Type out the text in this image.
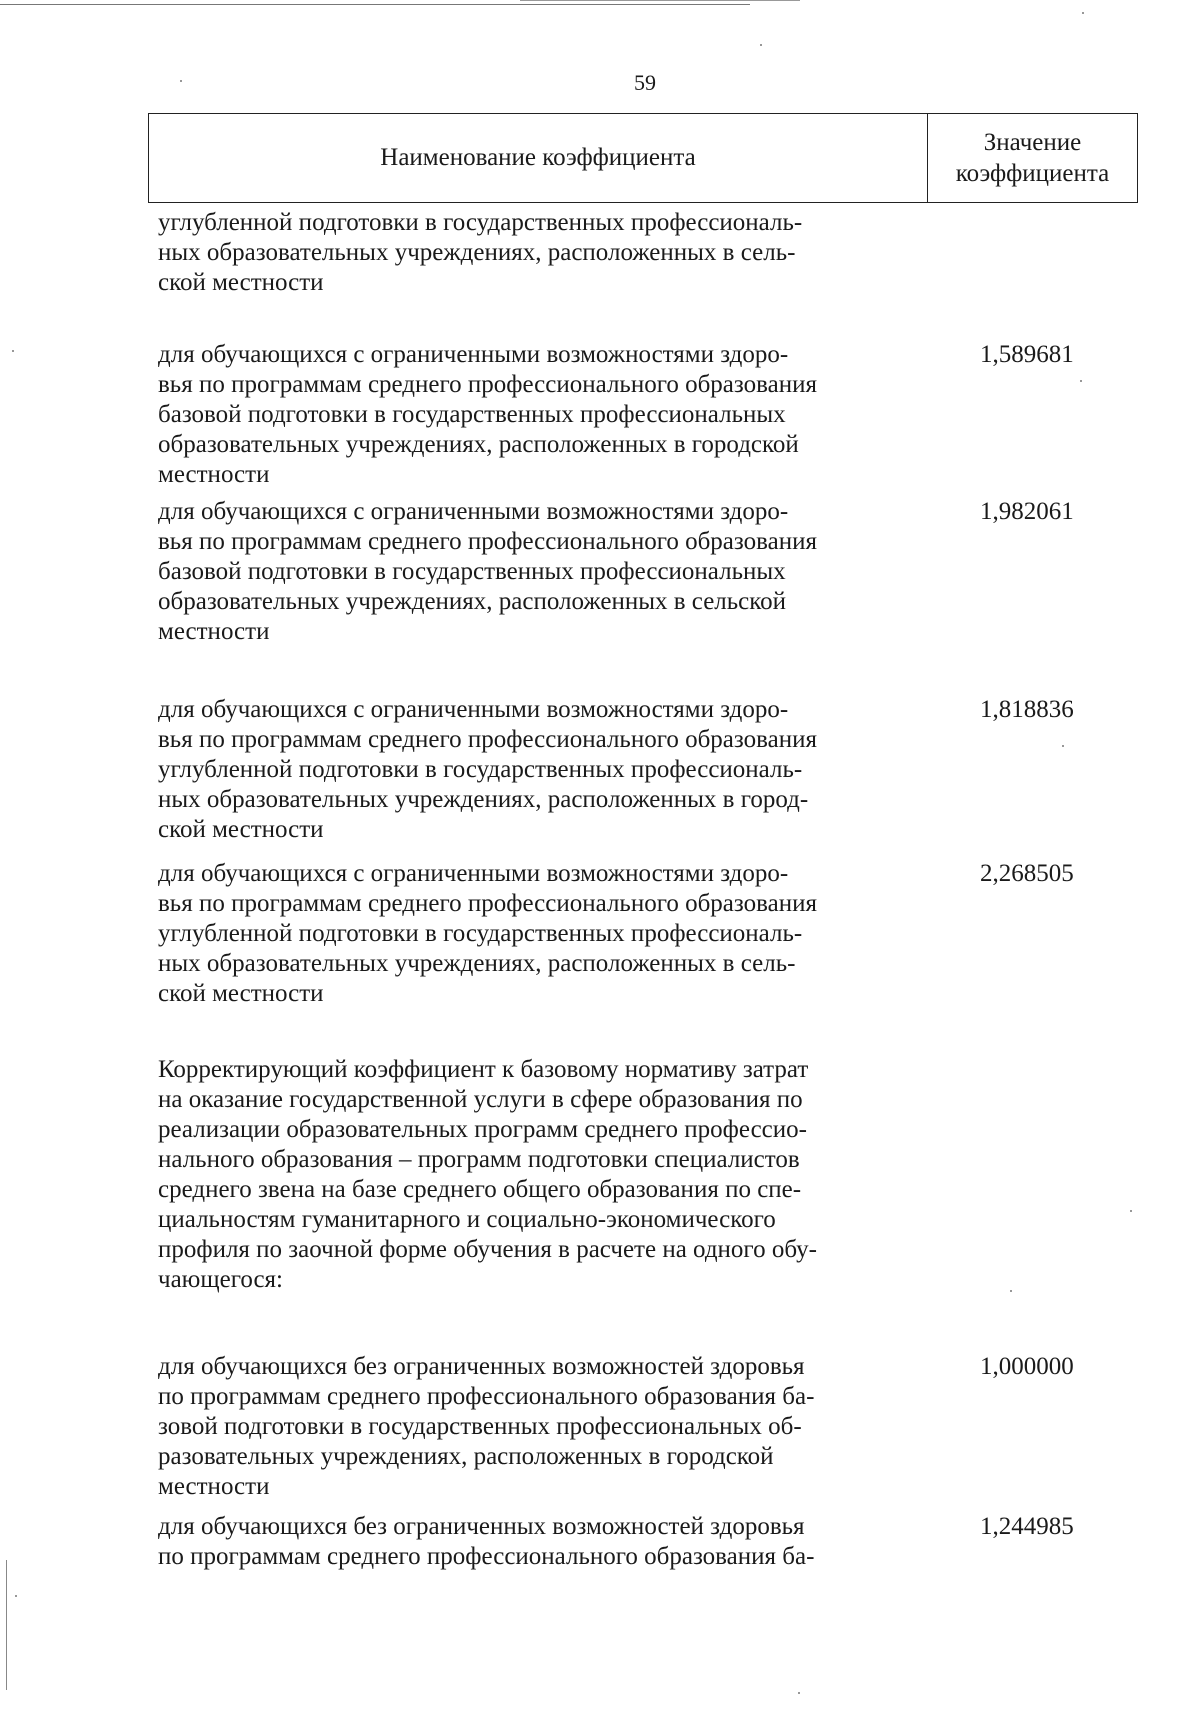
59
Наименование коэффициента
Значение
коэффициента
углубленной подготовки в государственных профессиональ-
ных образовательных учреждениях, расположенных в сель-
ской местности
для обучающихся с ограниченными возможностями здоро-
вья по программам среднего профессионального образования
базовой подготовки в государственных профессиональных
образовательных учреждениях, расположенных в городской
местности
1,589681
для обучающихся с ограниченными возможностями здоро-
вья по программам среднего профессионального образования
базовой подготовки в государственных профессиональных
образовательных учреждениях, расположенных в сельской
местности
1,982061
для обучающихся с ограниченными возможностями здоро-
вья по программам среднего профессионального образования
углубленной подготовки в государственных профессиональ-
ных образовательных учреждениях, расположенных в город-
ской местности
1,818836
для обучающихся с ограниченными возможностями здоро-
вья по программам среднего профессионального образования
углубленной подготовки в государственных профессиональ-
ных образовательных учреждениях, расположенных в сель-
ской местности
2,268505
Корректирующий коэффициент к базовому нормативу затрат
на оказание государственной услуги в сфере образования по
реализации образовательных программ среднего профессио-
нального образования – программ подготовки специалистов
среднего звена на базе среднего общего образования по спе-
циальностям гуманитарного и социально-экономического
профиля по заочной форме обучения в расчете на одного обу-
чающегося:
для обучающихся без ограниченных возможностей здоровья
по программам среднего профессионального образования ба-
зовой подготовки в государственных профессиональных об-
разовательных учреждениях, расположенных в городской
местности
1,000000
для обучающихся без ограниченных возможностей здоровья
по программам среднего профессионального образования ба-
1,244985
